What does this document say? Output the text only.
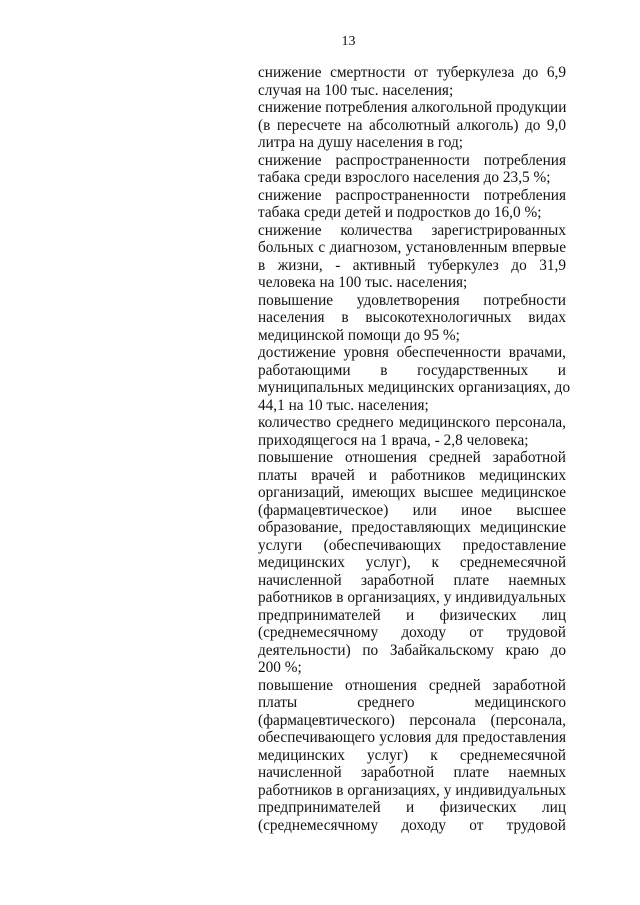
13
снижение смертности от туберкулеза до 6,9
случая на 100 тыс. населения;
снижение потребления алкогольной продукции
(в пересчете на абсолютный алкоголь) до 9,0
литра на душу населения в год;
снижение распространенности потребления
табака среди взрослого населения до 23,5 %;
снижение распространенности потребления
табака среди детей и подростков до 16,0 %;
снижение количества зарегистрированных
больных с диагнозом, установленным впервые
в жизни, - активный туберкулез до 31,9
человека на 100 тыс. населения;
повышение удовлетворения потребности
населения в высокотехнологичных видах
медицинской помощи до 95 %;
достижение уровня обеспеченности врачами,
работающими в государственных и
муниципальных медицинских организациях, до
44,1 на 10 тыс. населения;
количество среднего медицинского персонала,
приходящегося на 1 врача, - 2,8 человека;
повышение отношения средней заработной
платы врачей и работников медицинских
организаций, имеющих высшее медицинское
(фармацевтическое) или иное высшее
образование, предоставляющих медицинские
услуги (обеспечивающих предоставление
медицинских услуг), к среднемесячной
начисленной заработной плате наемных
работников в организациях, у индивидуальных
предпринимателей и физических лиц
(среднемесячному доходу от трудовой
деятельности) по Забайкальскому краю до
200 %;
повышение отношения средней заработной
платы среднего медицинского
(фармацевтического) персонала (персонала,
обеспечивающего условия для предоставления
медицинских услуг) к среднемесячной
начисленной заработной плате наемных
работников в организациях, у индивидуальных
предпринимателей и физических лиц
(среднемесячному доходу от трудовой
